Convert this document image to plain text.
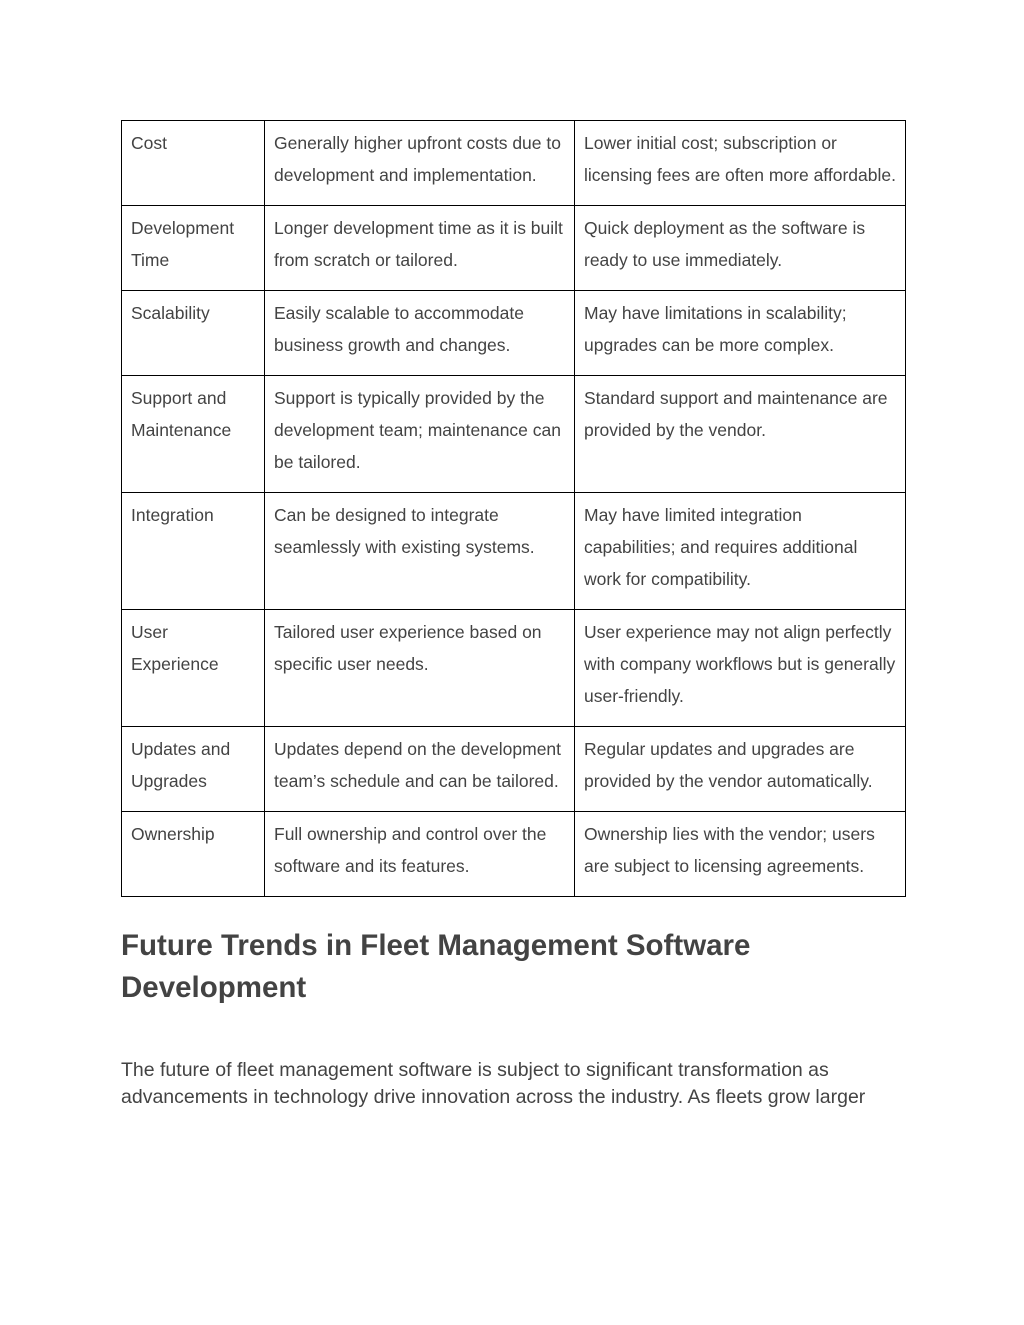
Cost	Generally higher upfront costs due to development and implementation.	Lower initial cost; subscription or licensing fees are often more affordable.
Development Time	Longer development time as it is built from scratch or tailored.	Quick deployment as the software is ready to use immediately.
Scalability	Easily scalable to accommodate business growth and changes.	May have limitations in scalability; upgrades can be more complex.
Support and Maintenance	Support is typically provided by the development team; maintenance can be tailored.	Standard support and maintenance are provided by the vendor.
Integration	Can be designed to integrate seamlessly with existing systems.	May have limited integration capabilities; and requires additional work for compatibility.
User Experience	Tailored user experience based on specific user needs.	User experience may not align perfectly with company workflows but is generally user-friendly.
Updates and Upgrades	Updates depend on the development team’s schedule and can be tailored.	Regular updates and upgrades are provided by the vendor automatically.
Ownership	Full ownership and control over the software and its features.	Ownership lies with the vendor; users are subject to licensing agreements.
Future Trends in Fleet Management Software Development

The future of fleet management software is subject to significant transformation as advancements in technology drive innovation across the industry. As fleets grow larger
